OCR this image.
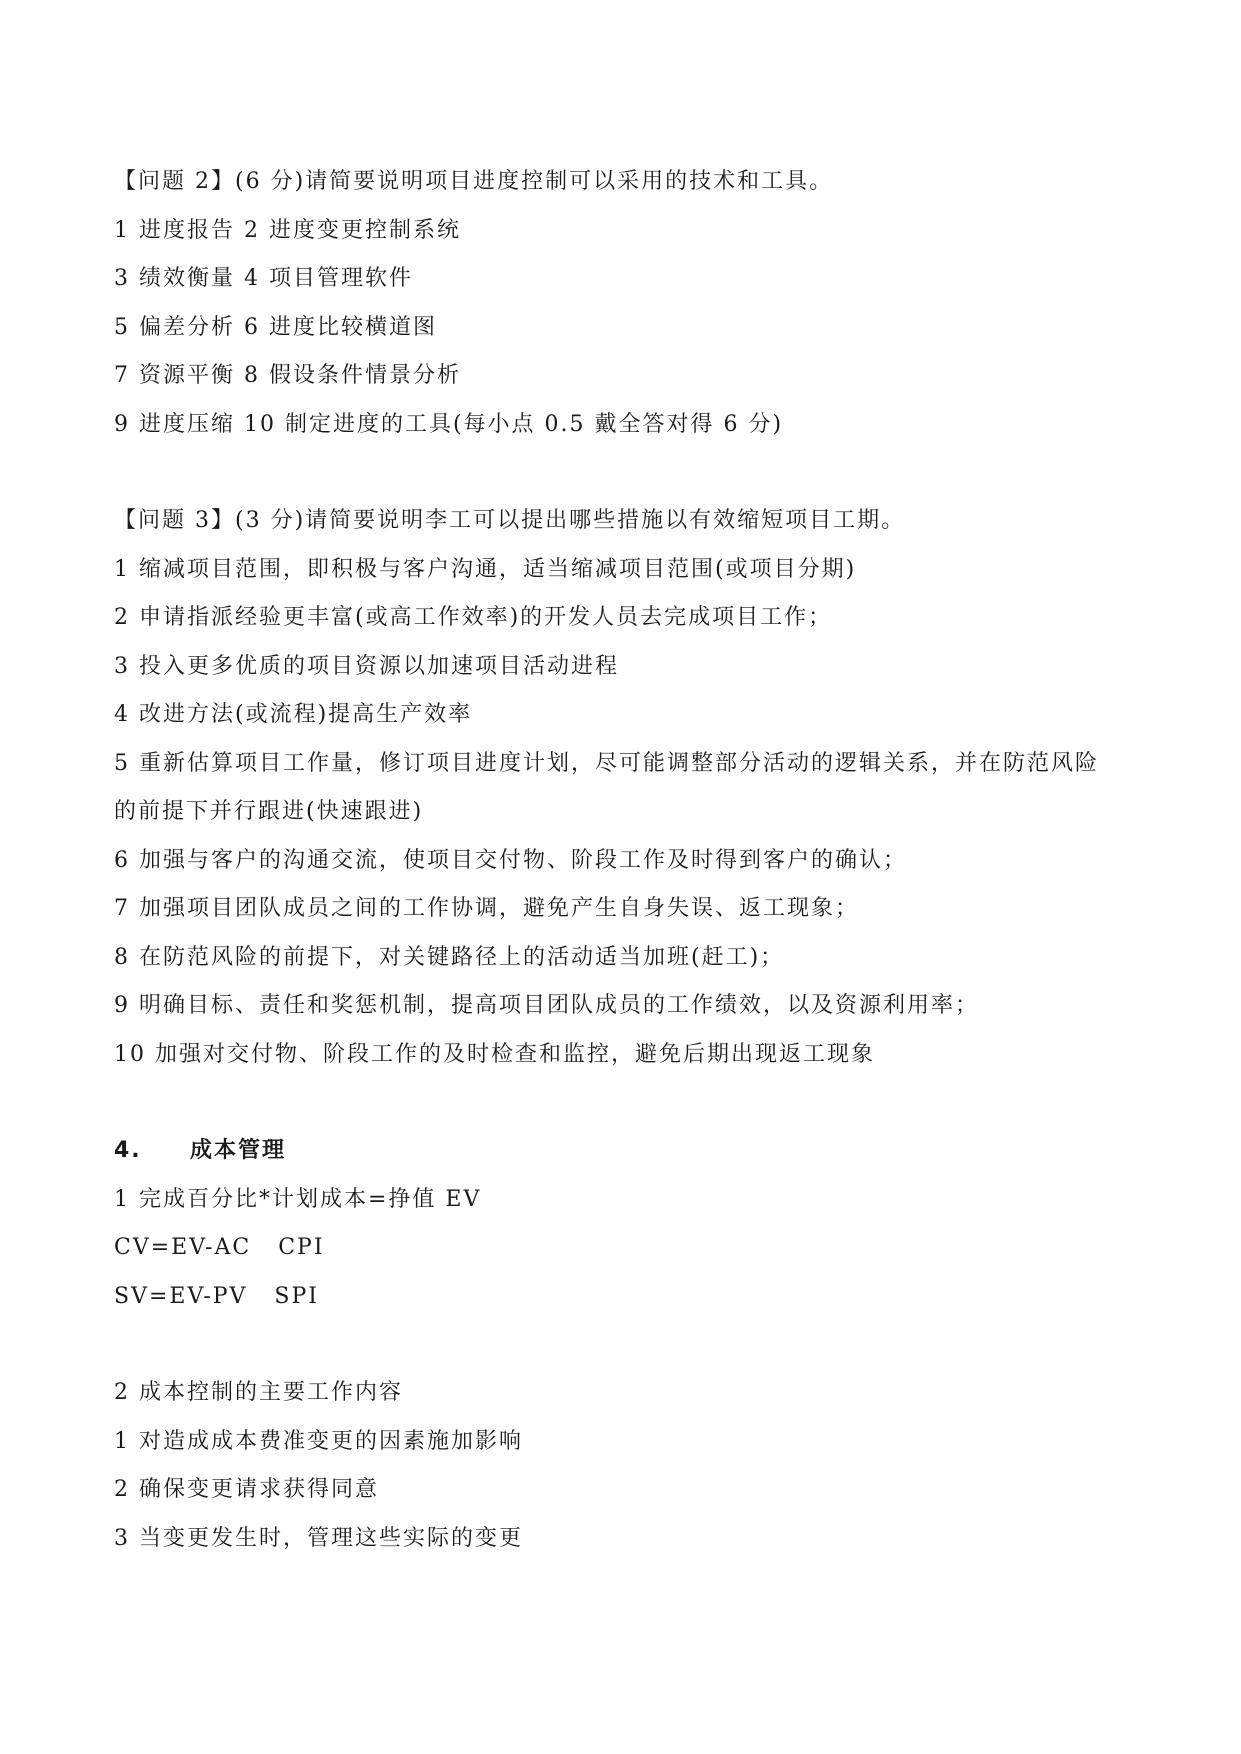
【问题 2】(6 分)请简要说明项目进度控制可以采用的技术和工具。
1 进度报告 2 进度变更控制系统
3 绩效衡量 4 项目管理软件
5 偏差分析 6 进度比较横道图
7 资源平衡 8 假设条件情景分析
9 进度压缩 10 制定进度的工具(每小点 0.5 戴全答对得 6 分)
【问题 3】(3 分)请简要说明李工可以提出哪些措施以有效缩短项目工期。
1 缩减项目范围，即积极与客户沟通，适当缩减项目范围(或项目分期)
2 申请指派经验更丰富(或高工作效率)的开发人员去完成项目工作；
3 投入更多优质的项目资源以加速项目活动进程
4 改进方法(或流程)提高生产效率
5 重新估算项目工作量，修订项目进度计划，尽可能调整部分活动的逻辑关系，并在防范风险
的前提下并行跟进(快速跟进)
6 加强与客户的沟通交流，使项目交付物、阶段工作及时得到客户的确认；
7 加强项目团队成员之间的工作协调，避免产生自身失误、返工现象；
8 在防范风险的前提下，对关键路径上的活动适当加班(赶工)；
9 明确目标、责任和奖惩机制，提高项目团队成员的工作绩效，以及资源利用率；
10 加强对交付物、阶段工作的及时检查和监控，避免后期出现返工现象
4. 成本管理
1 完成百分比*计划成本=挣值 EV
CV=EV-AC   CPI
SV=EV-PV   SPI
2 成本控制的主要工作内容
1 对造成成本费准变更的因素施加影响
2 确保变更请求获得同意
3 当变更发生时，管理这些实际的变更
